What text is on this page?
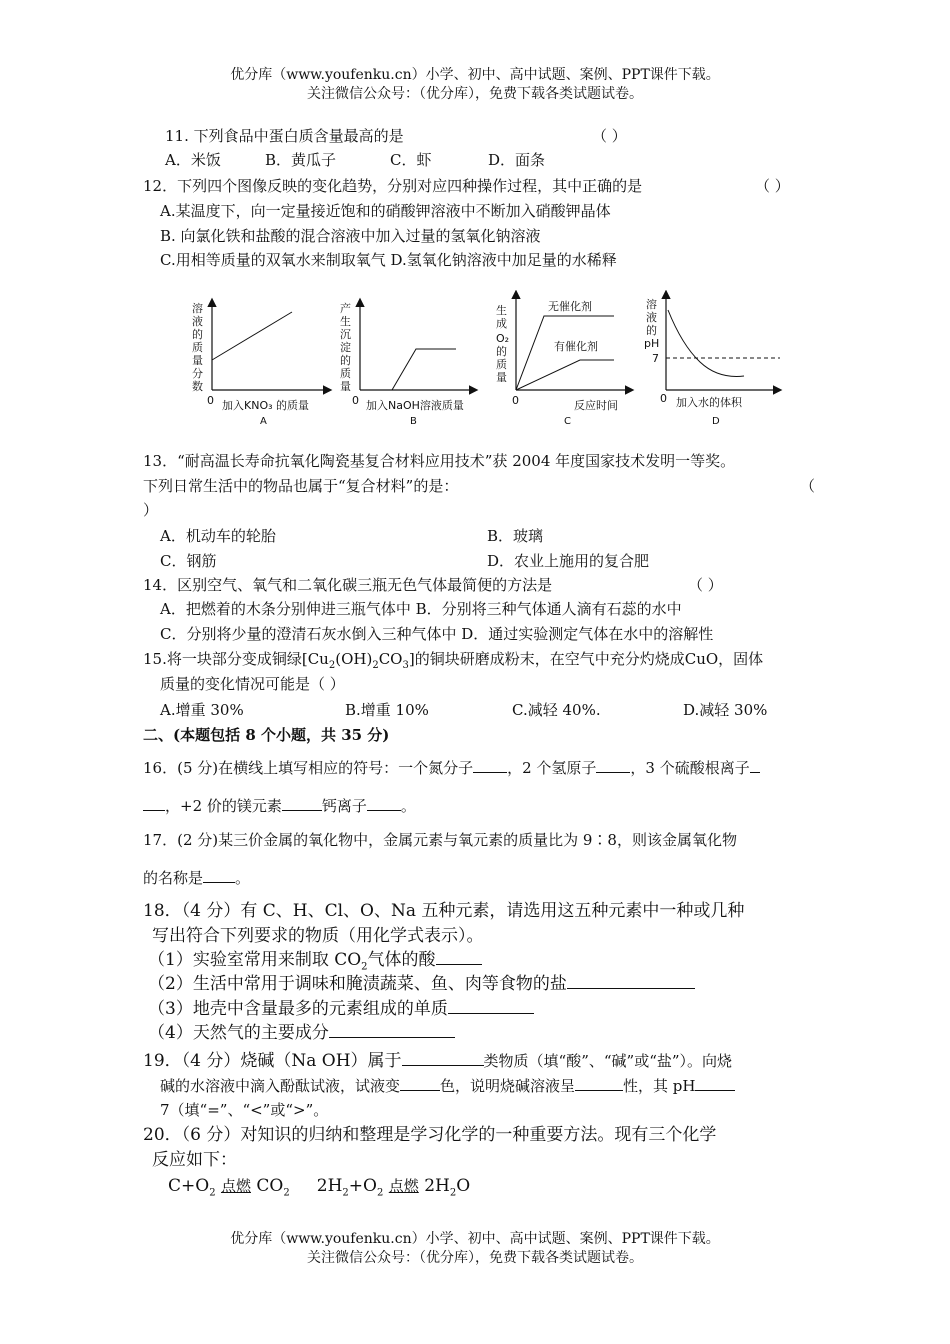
优分库（www.youfenku.cn）小学、初中、高中试题、案例、PPT课件下载。
关注微信公众号：（优分库），免费下载各类试题试卷。
11. 下列食品中蛋白质含量最高的是	（ ）
A．米饭	B．黄瓜子	C．虾	D．面条
12．下列四个图像反映的变化趋势，分别对应四种操作过程，其中正确的是	（ ）
A.某温度下，向一定量接近饱和的硝酸钾溶液中不断加入硝酸钾晶体
B. 向氯化铁和盐酸的混合溶液中加入过量的氢氧化钠溶液
C.用相等质量的双氧水来制取氧气 D.氢氧化钠溶液中加足量的水稀释
溶
液
的
质
量
分
数
0 加入KNO₃ 的质量
A
产
生
沉
淀
的
质
量
0 加入NaOH溶液质量
B
生
成
O₂
的
质
量
无催化剂
有催化剂
0	反应时间
C
溶
液
的
pH
7
0 加入水的体积
D
13．“耐高温长寿命抗氧化陶瓷基复合材料应用技术”获 2004 年度国家技术发明一等奖。
下列日常生活中的物品也属于“复合材料”的是：	（
）
A．机动车的轮胎	B．玻璃
C．钢筋	D．农业上施用的复合肥
14．区别空气、氧气和二氧化碳三瓶无色气体最简便的方法是	（ ）
A．把燃着的木条分别伸进三瓶气体中 B．分别将三种气体通人滴有石蕊的水中
C．分别将少量的澄清石灰水倒入三种气体中 D．通过实验测定气体在水中的溶解性
15.将一块部分变成铜绿$[Cu_2(OH)_2CO_3]$的铜块研磨成粉末，在空气中充分灼烧成CuO，固体
质量的变化情况可能是（ ）
A.增重 30%	B.增重 10%	C.减轻 40%.	D.减轻 30%
二、(本题包括 8 个小题，共 35 分)
16．(5 分)在横线上填写相应的符号：一个氮分子 ，2 个氢原子 ，3 个硫酸根离子
，+2 价的镁元素	钙离子 。
17．(2 分)某三价金属的氧化物中，金属元素与氧元素的质量比为 9∶8，则该金属氧化物
的名称是 。
18．（4 分）有 C、H、Cl、O、Na 五种元素，请选用这五种元素中一种或几种
写出符合下列要求的物质（用化学式表示）。
（1）实验室常用来制取 $CO_2$气体的酸
（2）生活中常用于调味和腌渍蔬菜、鱼、肉等食物的盐
（3）地壳中含量最多的元素组成的单质
（4）天然气的主要成分
19．（4 分）烧碱（Na OH）属于	类物质（填“酸”、“碱”或“盐”）。向烧
碱的水溶液中滴入酚酞试液，试液变	色，说明烧碱溶液呈	性，其 pH
7（填“=”、“<”或“>”。
20．（6 分）对知识的归纳和整理是学习化学的一种重要方法。现有三个化学
反应如下：
$C+O_2$ 点燃 $CO_2$ $2H_2+O_2$ 点燃 $2H_2O$
优分库（www.youfenku.cn）小学、初中、高中试题、案例、PPT课件下载。
关注微信公众号：（优分库），免费下载各类试题试卷。
